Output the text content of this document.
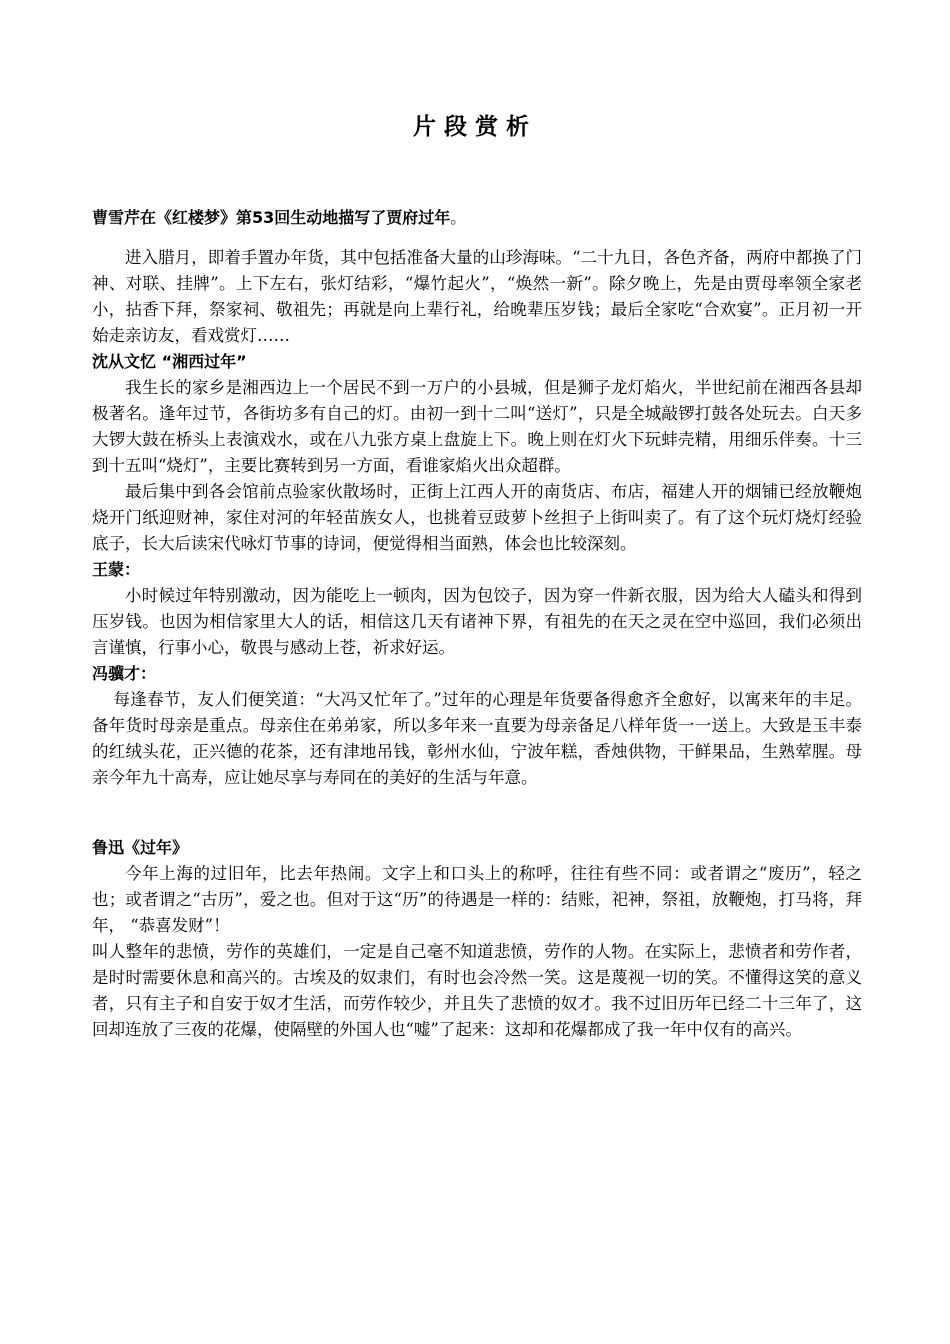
片段赏析

曹雪芹在《红楼梦》第53回生动地描写了贾府过年。

进入腊月，即着手置办年货，其中包括准备大量的山珍海味。“二十九日，各色齐备，两府中都换了门神、对联、挂牌”。上下左右，张灯结彩，“爆竹起火”，“焕然一新”。除夕晚上，先是由贾母率领全家老小，拈香下拜，祭家祠、敬祖先；再就是向上辈行礼，给晚辈压岁钱；最后全家吃“合欢宴”。正月初一开始走亲访友，看戏赏灯……

沈从文忆 “湘西过年”

我生长的家乡是湘西边上一个居民不到一万户的小县城，但是狮子龙灯焰火，半世纪前在湘西各县却极著名。逢年过节，各街坊多有自己的灯。由初一到十二叫“送灯”，只是全城敲锣打鼓各处玩去。白天多大锣大鼓在桥头上表演戏水，或在八九张方桌上盘旋上下。晚上则在灯火下玩蚌壳精，用细乐伴奏。十三到十五叫“烧灯”，主要比赛转到另一方面，看谁家焰火出众超群。

最后集中到各会馆前点验家伙散场时，正街上江西人开的南货店、布店，福建人开的烟铺已经放鞭炮烧开门纸迎财神，家住对河的年轻苗族女人，也挑着豆豉萝卜丝担子上街叫卖了。有了这个玩灯烧灯经验底子，长大后读宋代咏灯节事的诗词，便觉得相当面熟，体会也比较深刻。

王蒙：

小时候过年特别激动，因为能吃上一顿肉，因为包饺子，因为穿一件新衣服，因为给大人磕头和得到压岁钱。也因为相信家里大人的话，相信这几天有诸神下界，有祖先的在天之灵在空中巡回，我们必须出言谨慎，行事小心，敬畏与感动上苍，祈求好运。

冯骥才：

每逢春节，友人们便笑道：“大冯又忙年了。”过年的心理是年货要备得愈齐全愈好，以寓来年的丰足。备年货时母亲是重点。母亲住在弟弟家，所以多年来一直要为母亲备足八样年货一一送上。大致是玉丰泰的红绒头花，正兴德的花茶，还有津地吊钱，彰州水仙，宁波年糕，香烛供物，干鲜果品，生熟荤腥。母亲今年九十高寿，应让她尽享与寿同在的美好的生活与年意。

鲁迅《过年》

今年上海的过旧年，比去年热闹。文字上和口头上的称呼，往往有些不同：或者谓之“废历”，轻之也；或者谓之“古历”，爱之也。但对于这“历”的待遇是一样的：结账，祀神，祭祖，放鞭炮，打马将，拜年， “恭喜发财”！

叫人整年的悲愤，劳作的英雄们，一定是自己毫不知道悲愤，劳作的人物。在实际上，悲愤者和劳作者，是时时需要休息和高兴的。古埃及的奴隶们，有时也会冷然一笑。这是蔑视一切的笑。不懂得这笑的意义者，只有主子和自安于奴才生活，而劳作较少，并且失了悲愤的奴才。我不过旧历年已经二十三年了，这回却连放了三夜的花爆，使隔壁的外国人也“嘘”了起来：这却和花爆都成了我一年中仅有的高兴。
